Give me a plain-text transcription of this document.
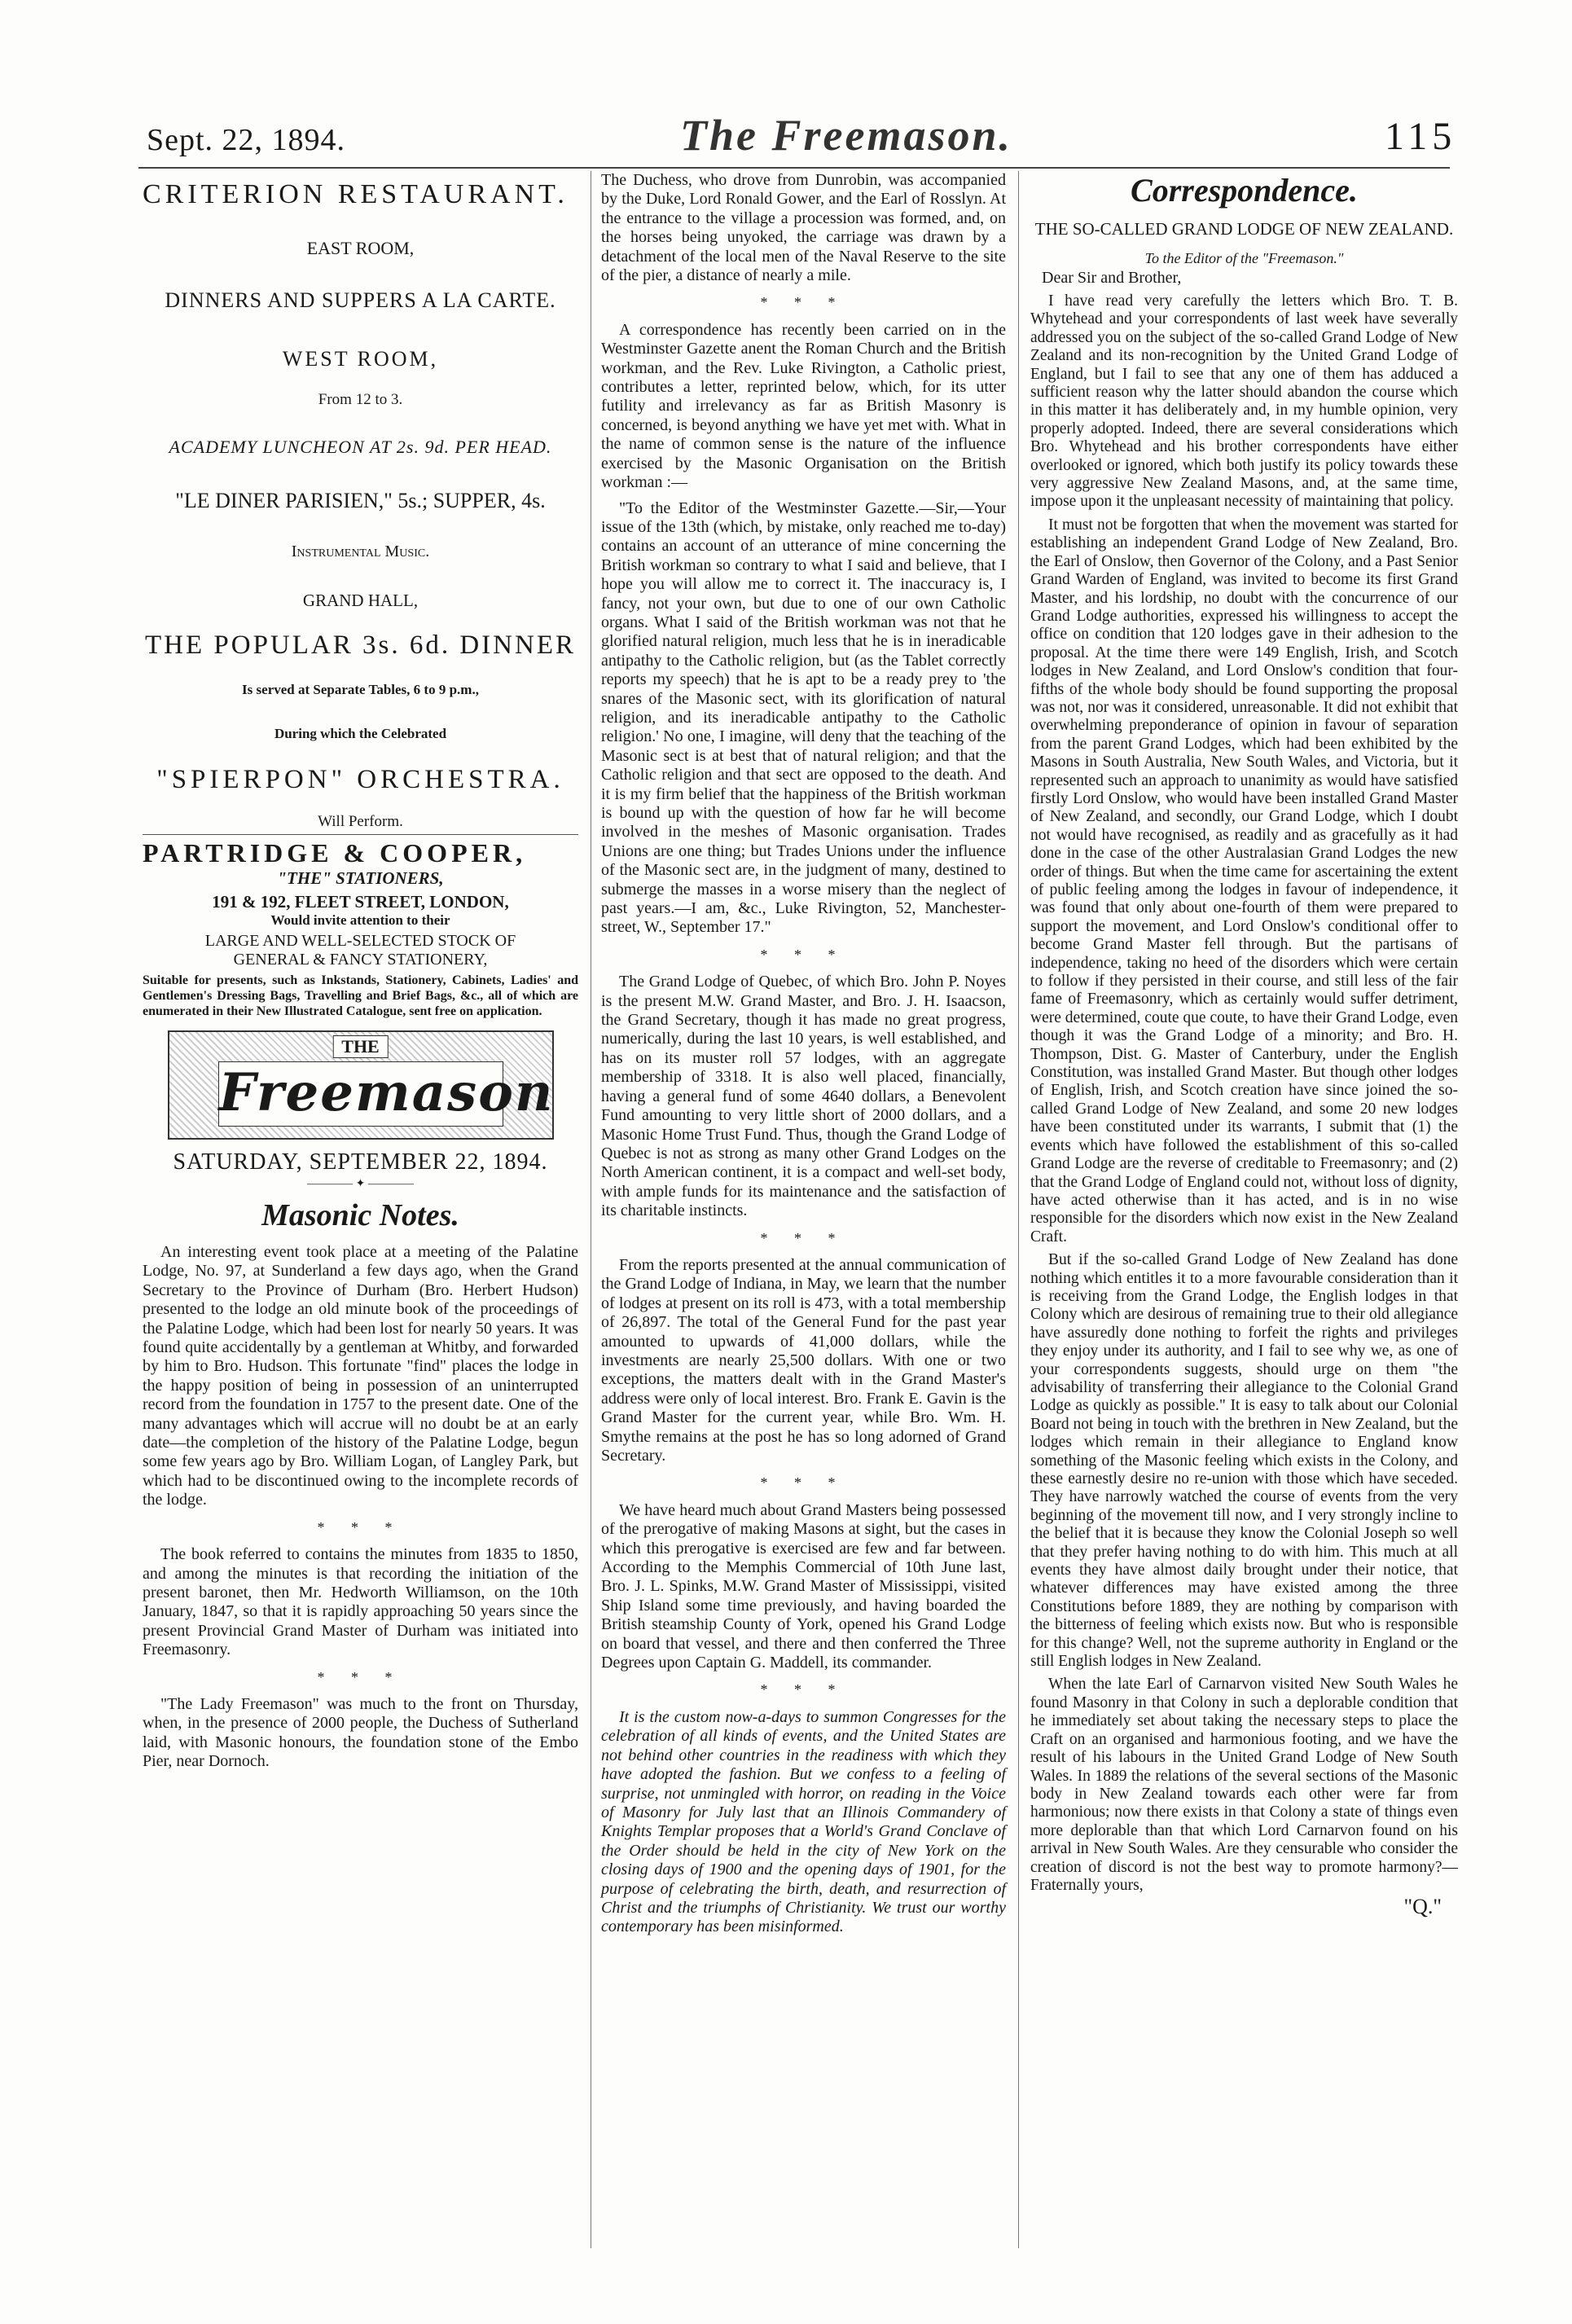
Sept. 22, 1894.	The Freemason.	115
CRITERION RESTAURANT.
EAST ROOM,
DINNERS AND SUPPERS A LA CARTE.
WEST ROOM,
From 12 to 3.
ACADEMY LUNCHEON AT 2s. 9d. PER HEAD.
"LE DINER PARISIEN," 5s.; SUPPER, 4s.
Instrumental Music.
GRAND HALL,
THE POPULAR 3s. 6d. DINNER
Is served at Separate Tables, 6 to 9 p.m.,
During which the Celebrated
"SPIERPON" ORCHESTRA.
Will Perform.
PARTRIDGE & COOPER,
"THE" STATIONERS,
191 & 192, FLEET STREET, LONDON,
Would invite attention to their
LARGE AND WELL-SELECTED STOCK OF
GENERAL & FANCY STATIONERY,
Suitable for presents, such as Inkstands, Stationery, Cabinets, Ladies' and Gentlemen's Dressing Bags, Travelling and Brief Bags, &c., all of which are enumerated in their New Illustrated Catalogue, sent free on application.
THE
Freemason
SATURDAY, SEPTEMBER 22, 1894.
———— ✦ ————
Masonic Notes.

An interesting event took place at a meeting of the Palatine Lodge, No. 97, at Sunderland a few days ago, when the Grand Secretary to the Province of Durham (Bro. Herbert Hudson) presented to the lodge an old minute book of the proceedings of the Palatine Lodge, which had been lost for nearly 50 years. It was found quite accidentally by a gentleman at Whitby, and forwarded by him to Bro. Hudson. This fortunate "find" places the lodge in the happy position of being in possession of an uninterrupted record from the foundation in 1757 to the present date. One of the many advantages which will accrue will no doubt be at an early date—the completion of the history of the Palatine Lodge, begun some few years ago by Bro. William Logan, of Langley Park, but which had to be discontinued owing to the incomplete records of the lodge.

* * *

The book referred to contains the minutes from 1835 to 1850, and among the minutes is that recording the initiation of the present baronet, then Mr. Hedworth Williamson, on the 10th January, 1847, so that it is rapidly approaching 50 years since the present Provincial Grand Master of Durham was initiated into Freemasonry.

* * *

"The Lady Freemason" was much to the front on Thursday, when, in the presence of 2000 people, the Duchess of Sutherland laid, with Masonic honours, the foundation stone of the Embo Pier, near Dornoch.

The Duchess, who drove from Dunrobin, was accompanied by the Duke, Lord Ronald Gower, and the Earl of Rosslyn. At the entrance to the village a procession was formed, and, on the horses being unyoked, the carriage was drawn by a detachment of the local men of the Naval Reserve to the site of the pier, a distance of nearly a mile.

* * *

A correspondence has recently been carried on in the Westminster Gazette anent the Roman Church and the British workman, and the Rev. Luke Rivington, a Catholic priest, contributes a letter, reprinted below, which, for its utter futility and irrelevancy as far as British Masonry is concerned, is beyond anything we have yet met with. What in the name of common sense is the nature of the influence exercised by the Masonic Organisation on the British workman :—

"To the Editor of the Westminster Gazette.—Sir,—Your issue of the 13th (which, by mistake, only reached me to-day) contains an account of an utterance of mine concerning the British workman so contrary to what I said and believe, that I hope you will allow me to correct it. The inaccuracy is, I fancy, not your own, but due to one of our own Catholic organs. What I said of the British workman was not that he glorified natural religion, much less that he is in ineradicable antipathy to the Catholic religion, but (as the Tablet correctly reports my speech) that he is apt to be a ready prey to 'the snares of the Masonic sect, with its glorification of natural religion, and its ineradicable antipathy to the Catholic religion.' No one, I imagine, will deny that the teaching of the Masonic sect is at best that of natural religion; and that the Catholic religion and that sect are opposed to the death. And it is my firm belief that the happiness of the British workman is bound up with the question of how far he will become involved in the meshes of Masonic organisation. Trades Unions are one thing; but Trades Unions under the influence of the Masonic sect are, in the judgment of many, destined to submerge the masses in a worse misery than the neglect of past years.—I am, &c., Luke Rivington, 52, Manchester-street, W., September 17."

* * *

The Grand Lodge of Quebec, of which Bro. John P. Noyes is the present M.W. Grand Master, and Bro. J. H. Isaacson, the Grand Secretary, though it has made no great progress, numerically, during the last 10 years, is well established, and has on its muster roll 57 lodges, with an aggregate membership of 3318. It is also well placed, financially, having a general fund of some 4640 dollars, a Benevolent Fund amounting to very little short of 2000 dollars, and a Masonic Home Trust Fund. Thus, though the Grand Lodge of Quebec is not as strong as many other Grand Lodges on the North American continent, it is a compact and well-set body, with ample funds for its maintenance and the satisfaction of its charitable instincts.

* * *

From the reports presented at the annual communication of the Grand Lodge of Indiana, in May, we learn that the number of lodges at present on its roll is 473, with a total membership of 26,897. The total of the General Fund for the past year amounted to upwards of 41,000 dollars, while the investments are nearly 25,500 dollars. With one or two exceptions, the matters dealt with in the Grand Master's address were only of local interest. Bro. Frank E. Gavin is the Grand Master for the current year, while Bro. Wm. H. Smythe remains at the post he has so long adorned of Grand Secretary.

* * *

We have heard much about Grand Masters being possessed of the prerogative of making Masons at sight, but the cases in which this prerogative is exercised are few and far between. According to the Memphis Commercial of 10th June last, Bro. J. L. Spinks, M.W. Grand Master of Mississippi, visited Ship Island some time previously, and having boarded the British steamship County of York, opened his Grand Lodge on board that vessel, and there and then conferred the Three Degrees upon Captain G. Maddell, its commander.

* * *

It is the custom now-a-days to summon Congresses for the celebration of all kinds of events, and the United States are not behind other countries in the readiness with which they have adopted the fashion. But we confess to a feeling of surprise, not unmingled with horror, on reading in the Voice of Masonry for July last that an Illinois Commandery of Knights Templar proposes that a World's Grand Conclave of the Order should be held in the city of New York on the closing days of 1900 and the opening days of 1901, for the purpose of celebrating the birth, death, and resurrection of Christ and the triumphs of Christianity. We trust our worthy contemporary has been misinformed.

Correspondence.
THE SO-CALLED GRAND LODGE OF NEW ZEALAND.
To the Editor of the "Freemason."
Dear Sir and Brother,

I have read very carefully the letters which Bro. T. B. Whytehead and your correspondents of last week have severally addressed you on the subject of the so-called Grand Lodge of New Zealand and its non-recognition by the United Grand Lodge of England, but I fail to see that any one of them has adduced a sufficient reason why the latter should abandon the course which in this matter it has deliberately and, in my humble opinion, very properly adopted. Indeed, there are several considerations which Bro. Whytehead and his brother correspondents have either overlooked or ignored, which both justify its policy towards these very aggressive New Zealand Masons, and, at the same time, impose upon it the unpleasant necessity of maintaining that policy.

It must not be forgotten that when the movement was started for establishing an independent Grand Lodge of New Zealand, Bro. the Earl of Onslow, then Governor of the Colony, and a Past Senior Grand Warden of England, was invited to become its first Grand Master, and his lordship, no doubt with the concurrence of our Grand Lodge authorities, expressed his willingness to accept the office on condition that 120 lodges gave in their adhesion to the proposal. At the time there were 149 English, Irish, and Scotch lodges in New Zealand, and Lord Onslow's condition that four-fifths of the whole body should be found supporting the proposal was not, nor was it considered, unreasonable. It did not exhibit that overwhelming preponderance of opinion in favour of separation from the parent Grand Lodges, which had been exhibited by the Masons in South Australia, New South Wales, and Victoria, but it represented such an approach to unanimity as would have satisfied firstly Lord Onslow, who would have been installed Grand Master of New Zealand, and secondly, our Grand Lodge, which I doubt not would have recognised, as readily and as gracefully as it had done in the case of the other Australasian Grand Lodges the new order of things. But when the time came for ascertaining the extent of public feeling among the lodges in favour of independence, it was found that only about one-fourth of them were prepared to support the movement, and Lord Onslow's conditional offer to become Grand Master fell through. But the partisans of independence, taking no heed of the disorders which were certain to follow if they persisted in their course, and still less of the fair fame of Freemasonry, which as certainly would suffer detriment, were determined, coute que coute, to have their Grand Lodge, even though it was the Grand Lodge of a minority; and Bro. H. Thompson, Dist. G. Master of Canterbury, under the English Constitution, was installed Grand Master. But though other lodges of English, Irish, and Scotch creation have since joined the so-called Grand Lodge of New Zealand, and some 20 new lodges have been constituted under its warrants, I submit that (1) the events which have followed the establishment of this so-called Grand Lodge are the reverse of creditable to Freemasonry; and (2) that the Grand Lodge of England could not, without loss of dignity, have acted otherwise than it has acted, and is in no wise responsible for the disorders which now exist in the New Zealand Craft.

But if the so-called Grand Lodge of New Zealand has done nothing which entitles it to a more favourable consideration than it is receiving from the Grand Lodge, the English lodges in that Colony which are desirous of remaining true to their old allegiance have assuredly done nothing to forfeit the rights and privileges they enjoy under its authority, and I fail to see why we, as one of your correspondents suggests, should urge on them "the advisability of transferring their allegiance to the Colonial Grand Lodge as quickly as possible." It is easy to talk about our Colonial Board not being in touch with the brethren in New Zealand, but the lodges which remain in their allegiance to England know something of the Masonic feeling which exists in the Colony, and these earnestly desire no re-union with those which have seceded. They have narrowly watched the course of events from the very beginning of the movement till now, and I very strongly incline to the belief that it is because they know the Colonial Joseph so well that they prefer having nothing to do with him. This much at all events they have almost daily brought under their notice, that whatever differences may have existed among the three Constitutions before 1889, they are nothing by comparison with the bitterness of feeling which exists now. But who is responsible for this change? Well, not the supreme authority in England or the still English lodges in New Zealand.

When the late Earl of Carnarvon visited New South Wales he found Masonry in that Colony in such a deplorable condition that he immediately set about taking the necessary steps to place the Craft on an organised and harmonious footing, and we have the result of his labours in the United Grand Lodge of New South Wales. In 1889 the relations of the several sections of the Masonic body in New Zealand towards each other were far from harmonious; now there exists in that Colony a state of things even more deplorable than that which Lord Carnarvon found on his arrival in New South Wales. Are they censurable who consider the creation of discord is not the best way to promote harmony?—Fraternally yours,

"Q."
